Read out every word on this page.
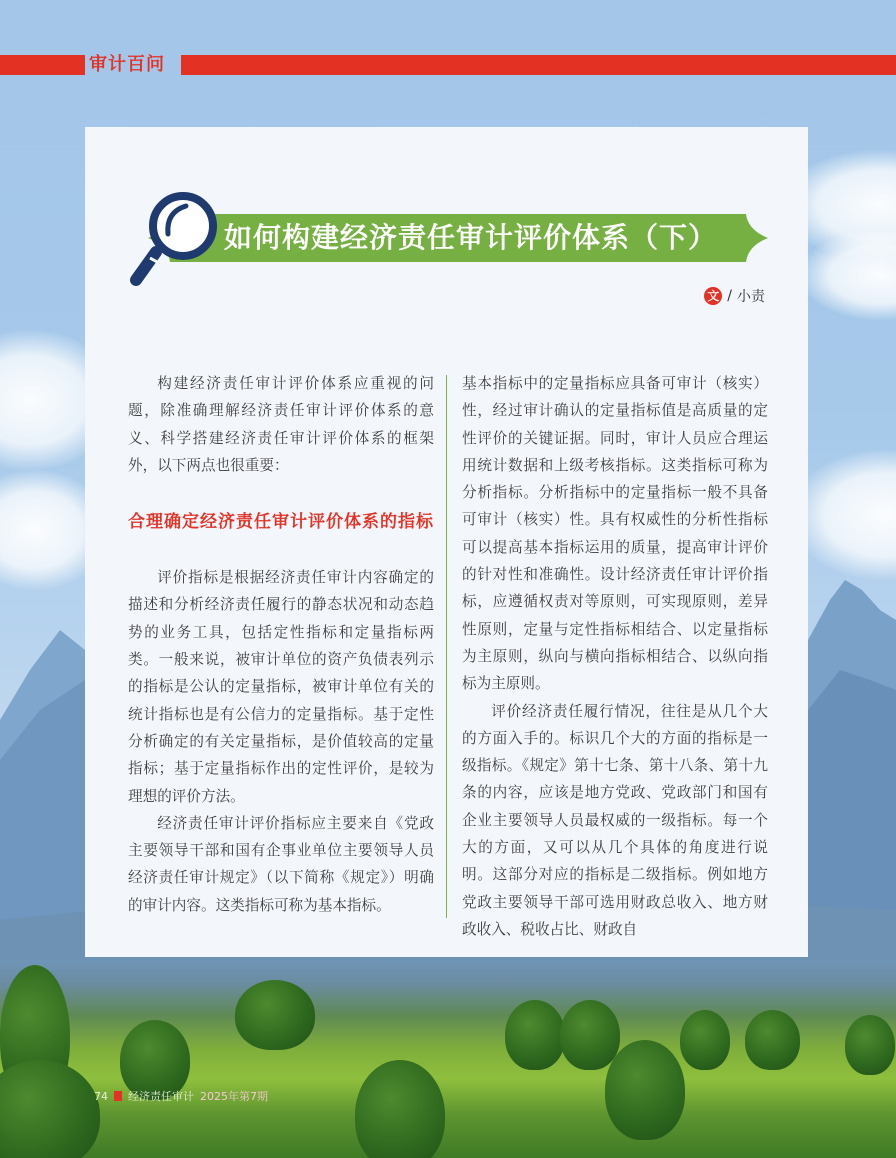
审计百问
如何构建经济责任审计评价体系（下）
文 / 小责

构建经济责任审计评价体系应重视的问题，除准确理解经济责任审计评价体系的意义、科学搭建经济责任审计评价体系的框架外，以下两点也很重要：

合理确定经济责任审计评价体系的指标

评价指标是根据经济责任审计内容确定的描述和分析经济责任履行的静态状况和动态趋势的业务工具，包括定性指标和定量指标两类。一般来说，被审计单位的资产负债表列示的指标是公认的定量指标，被审计单位有关的统计指标也是有公信力的定量指标。基于定性分析确定的有关定量指标，是价值较高的定量指标；基于定量指标作出的定性评价，是较为理想的评价方法。

经济责任审计评价指标应主要来自《党政主要领导干部和国有企事业单位主要领导人员经济责任审计规定》（以下简称《规定》）明确的审计内容。这类指标可称为基本指标。

基本指标中的定量指标应具备可审计（核实）性，经过审计确认的定量指标值是高质量的定性评价的关键证据。同时，审计人员应合理运用统计数据和上级考核指标。这类指标可称为分析指标。分析指标中的定量指标一般不具备可审计（核实）性。具有权威性的分析性指标可以提高基本指标运用的质量，提高审计评价的针对性和准确性。设计经济责任审计评价指标，应遵循权责对等原则，可实现原则，差异性原则，定量与定性指标相结合、以定量指标为主原则，纵向与横向指标相结合、以纵向指标为主原则。

评价经济责任履行情况，往往是从几个大的方面入手的。标识几个大的方面的指标是一级指标。《规定》第十七条、第十八条、第十九条的内容，应该是地方党政、党政部门和国有企业主要领导人员最权威的一级指标。每一个大的方面，又可以从几个具体的角度进行说明。这部分对应的指标是二级指标。例如地方党政主要领导干部可选用财政总收入、地方财政收入、税收占比、财政自

74 经济责任审计 2025年第7期
